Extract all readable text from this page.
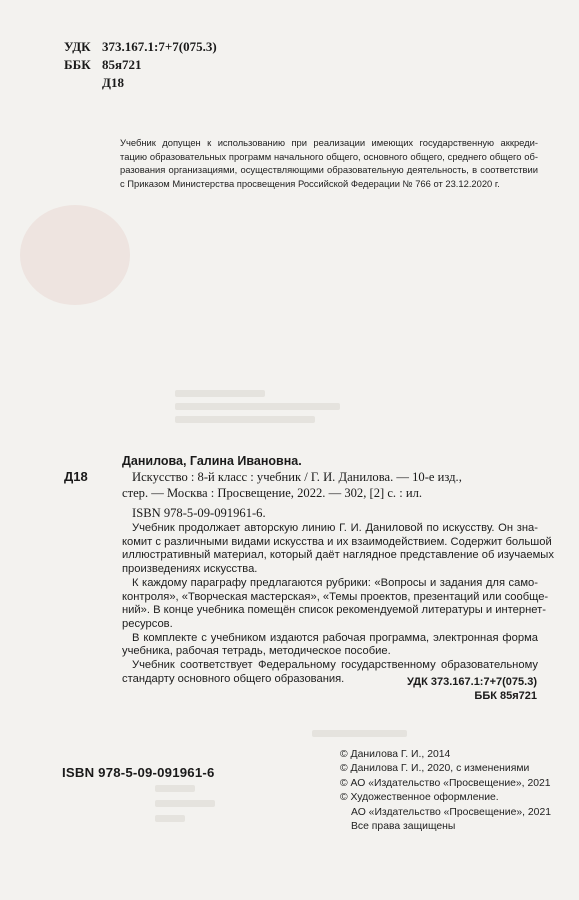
УДК 373.167.1:7+7(075.3)
ББК 85я721
Д18
Учебник допущен к использованию при реализации имеющих государственную аккреди-
тацию образовательных программ начального общего, основного общего, среднего общего об-
разования организациями, осуществляющими образовательную деятельность, в соответствии
с Приказом Министерства просвещения Российской Федерации № 766 от 23.12.2020 г.
Данилова, Галина Ивановна.
Д18	Искусство : 8-й класс : учебник / Г. И. Данилова. — 10-е изд.,
стер. — Москва : Просвещение, 2022. — 302, [2] с. : ил.
ISBN 978-5-09-091961-6.
Учебник продолжает авторскую линию Г. И. Даниловой по искусству. Он зна-
комит с различными видами искусства и их взаимодействием. Содержит большой
иллюстративный материал, который даёт наглядное представление об изучаемых
произведениях искусства.
К каждому параграфу предлагаются рубрики: «Вопросы и задания для само-
контроля», «Творческая мастерская», «Темы проектов, презентаций или сообще-
ний». В конце учебника помещён список рекомендуемой литературы и интернет-
ресурсов.
В комплекте с учебником издаются рабочая программа, электронная форма
учебника, рабочая тетрадь, методическое пособие.
Учебник соответствует Федеральному государственному образовательному
стандарту основного общего образования.	УДК 373.167.1:7+7(075.3)
ББК 85я721
ISBN 978-5-09-091961-6
© Данилова Г. И., 2014
© Данилова Г. И., 2020, с изменениями
© АО «Издательство «Просвещение», 2021
© Художественное оформление.
АО «Издательство «Просвещение», 2021
Все права защищены
